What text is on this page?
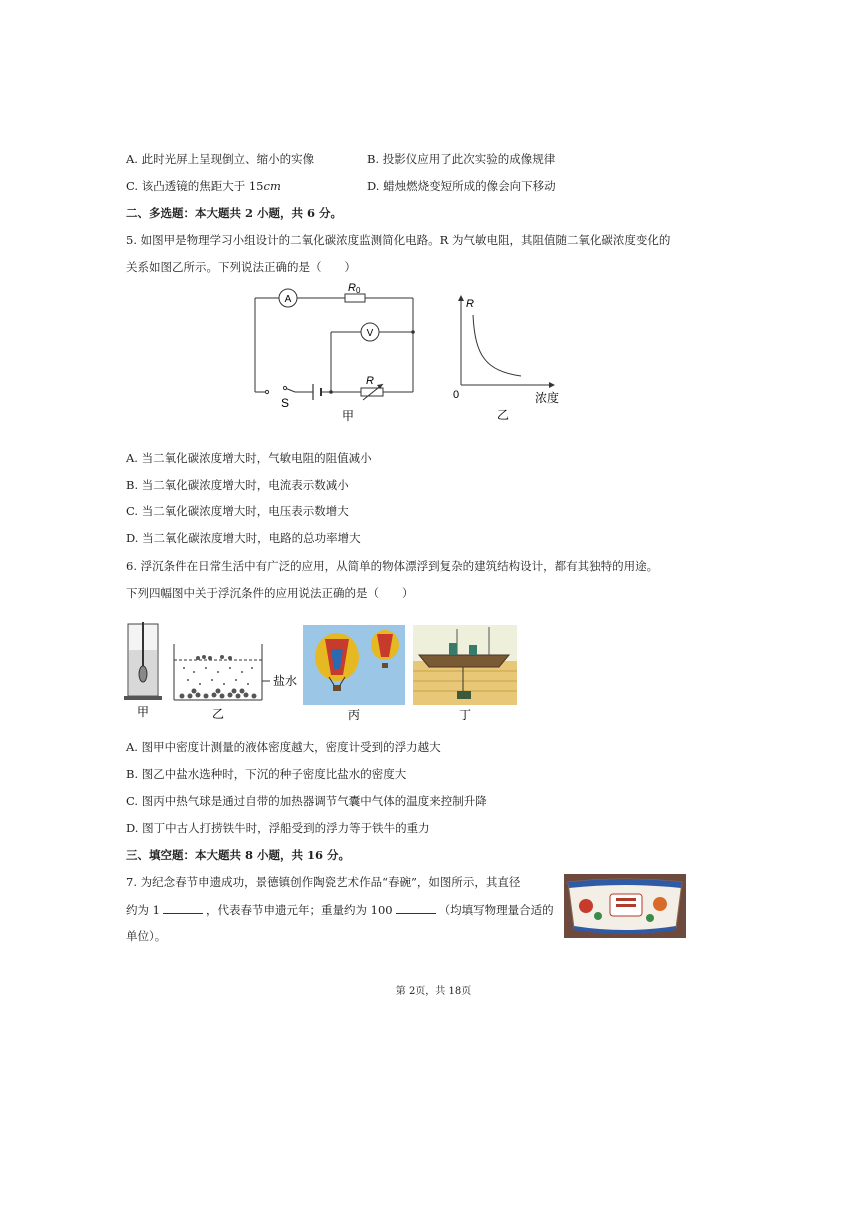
A. 此时光屏上呈现倒立、缩小的实像	B. 投影仪应用了此次实验的成像规律
C. 该凸透镜的焦距大于 15cm	D. 蜡烛燃烧变短所成的像会向下移动
二、多选题：本大题共 2 小题，共 6 分。
5. 如图甲是物理学习小组设计的二氧化碳浓度监测简化电路。R 为气敏电阻，其阻值随二氧化碳浓度变化的
关系如图乙所示。下列说法正确的是（　　）
A
V
R 0
R
S
甲
R
0	浓度
乙
A. 当二氧化碳浓度增大时，气敏电阻的阻值减小
B. 当二氧化碳浓度增大时，电流表示数减小
C. 当二氧化碳浓度增大时，电压表示数增大
D. 当二氧化碳浓度增大时，电路的总功率增大
6. 浮沉条件在日常生活中有广泛的应用，从简单的物体漂浮到复杂的建筑结构设计，都有其独特的用途。
下列四幅图中关于浮沉条件的应用说法正确的是（　　）
甲
盐水
乙	丙	丁
A. 图甲中密度计测量的液体密度越大，密度计受到的浮力越大
B. 图乙中盐水选种时，下沉的种子密度比盐水的密度大
C. 图丙中热气球是通过自带的加热器调节气囊中气体的温度来控制升降
D. 图丁中古人打捞铁牛时，浮船受到的浮力等于铁牛的重力
三、填空题：本大题共 8 小题，共 16 分。
7. 为纪念春节申遗成功，景德镇创作陶瓷艺术作品“春碗”，如图所示，其直径
约为 1	，代表春节申遗元年；重量约为 100	（均填写物理量合适的
单位）。
第 2页，共 18页
